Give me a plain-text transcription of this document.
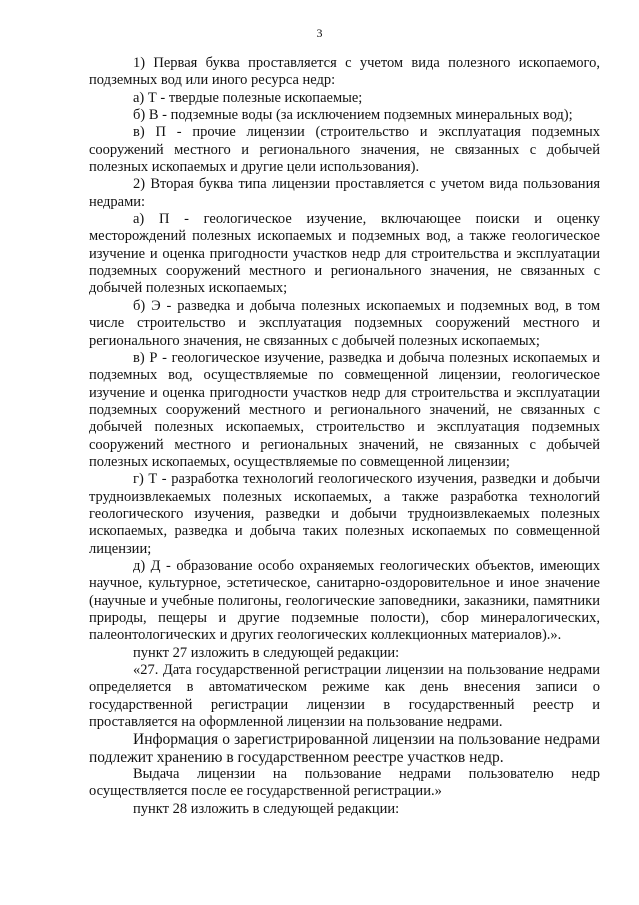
3

1) Первая буква проставляется с учетом вида полезного ископаемого, подземных вод или иного ресурса недр:

а) Т - твердые полезные ископаемые;

б) В - подземные воды (за исключением подземных минеральных вод);

в) П - прочие лицензии (строительство и эксплуатация подземных сооружений местного и регионального значения, не связанных с добычей полезных ископаемых и другие цели использования).

2) Вторая буква типа лицензии проставляется с учетом вида пользования недрами:

а) П - геологическое изучение, включающее поиски и оценку месторождений полезных ископаемых и подземных вод, а также геологическое изучение и оценка пригодности участков недр для строительства и эксплуатации подземных сооружений местного и регионального значения, не связанных с добычей полезных ископаемых;

б) Э - разведка и добыча полезных ископаемых и подземных вод, в том числе строительство и эксплуатация подземных сооружений местного и регионального значения, не связанных с добычей полезных ископаемых;

в) Р - геологическое изучение, разведка и добыча полезных ископаемых и подземных вод, осуществляемые по совмещенной лицензии, геологическое изучение и оценка пригодности участков недр для строительства и эксплуатации подземных сооружений местного и регионального значений, не связанных с добычей полезных ископаемых, строительство и эксплуатация подземных сооружений местного и региональных значений, не связанных с добычей полезных ископаемых, осуществляемые по совмещенной лицензии;

г) Т - разработка технологий геологического изучения, разведки и добычи трудноизвлекаемых полезных ископаемых, а также разработка технологий геологического изучения, разведки и добычи трудноизвлекаемых полезных ископаемых, разведка и добыча таких полезных ископаемых по совмещенной лицензии;

д) Д - образование особо охраняемых геологических объектов, имеющих научное, культурное, эстетическое, санитарно-оздоровительное и иное значение (научные и учебные полигоны, геологические заповедники, заказники, памятники природы, пещеры и другие подземные полости), сбор минералогических, палеонтологических и других геологических коллекционных материалов).».

пункт 27 изложить в следующей редакции:

«27. Дата государственной регистрации лицензии на пользование недрами определяется в автоматическом режиме как день внесения записи о государственной регистрации лицензии в государственный реестр и проставляется на оформленной лицензии на пользование недрами.

Информация о зарегистрированной лицензии на пользование недрами подлежит хранению в государственном реестре участков недр.

Выдача лицензии на пользование недрами пользователю недр осуществляется после ее государственной регистрации.»

пункт 28 изложить в следующей редакции:
